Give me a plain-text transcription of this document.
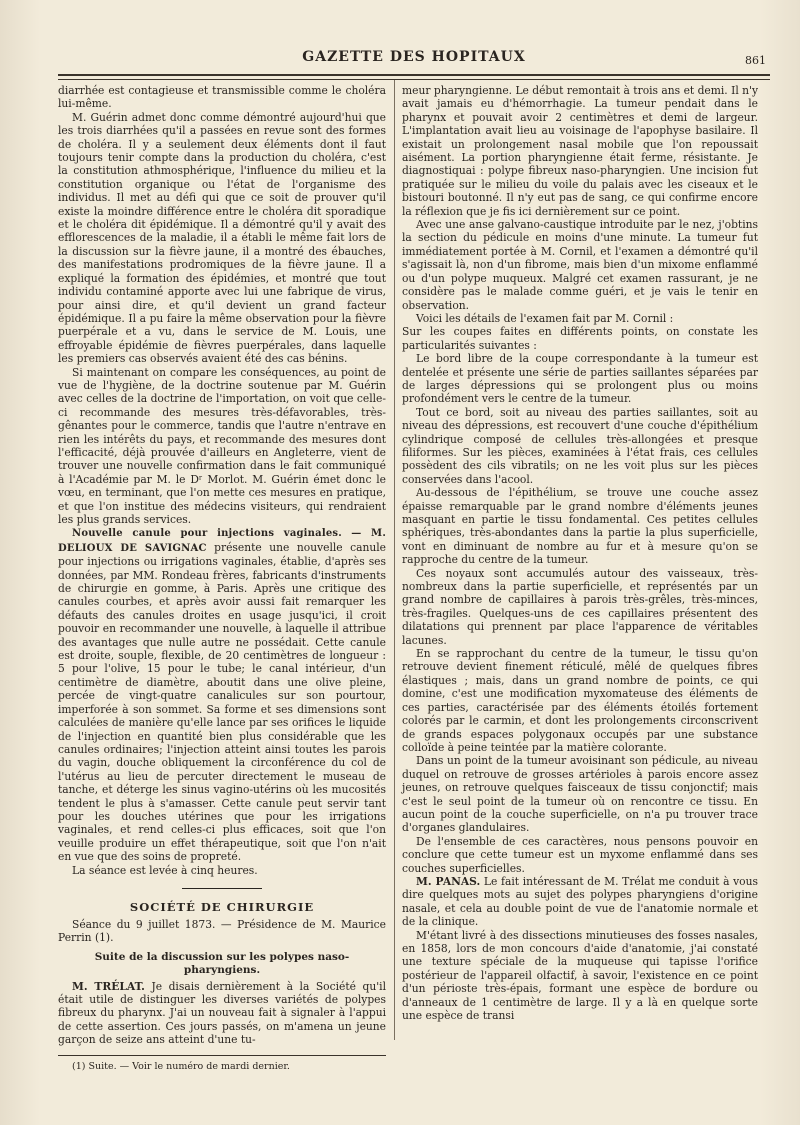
GAZETTE DES HOPITAUX	861

diarrhée est contagieuse et transmissible comme le choléra lui-même.

M. Guérin admet donc comme démontré aujourd'hui que les trois diarrhées qu'il a passées en revue sont des formes de choléra. Il y a seulement deux éléments dont il faut toujours tenir compte dans la production du choléra, c'est la constitution athmosphérique, l'influence du milieu et la constitution organique ou l'état de l'organisme des individus. Il met au défi qui que ce soit de prouver qu'il existe la moindre différence entre le choléra dit sporadique et le choléra dit épidémique. Il a démontré qu'il y avait des efflorescences de la maladie, il a établi le même fait lors de la discussion sur la fièvre jaune, il a montré des ébauches, des manifestations prodromiques de la fièvre jaune. Il a expliqué la formation des épidémies, et montré que tout individu contaminé apporte avec lui une fabrique de virus, pour ainsi dire, et qu'il devient un grand facteur épidémique. Il a pu faire la même observation pour la fièvre puerpérale et a vu, dans le service de M. Louis, une effroyable épidémie de fièvres puerpérales, dans laquelle les premiers cas observés avaient été des cas bénins.

Si maintenant on compare les conséquences, au point de vue de l'hygiène, de la doctrine soutenue par M. Guérin avec celles de la doctrine de l'importation, on voit que celle-ci recommande des mesures très-défavorables, très-gênantes pour le commerce, tandis que l'autre n'entrave en rien les intérêts du pays, et recommande des mesures dont l'efficacité, déjà prouvée d'ailleurs en Angleterre, vient de trouver une nouvelle confirmation dans le fait communiqué à l'Académie par M. le Dʳ Morlot. M. Guérin émet donc le vœu, en terminant, que l'on mette ces mesures en pratique, et que l'on institue des médecins visiteurs, qui rendraient les plus grands services.

Nouvelle canule pour injections vaginales. — M. DELIOUX DE SAVIGNAC présente une nouvelle canule pour injections ou irrigations vaginales, établie, d'après ses données, par MM. Rondeau frères, fabricants d'instruments de chirurgie en gomme, à Paris. Après une critique des canules courbes, et après avoir aussi fait remarquer les défauts des canules droites en usage jusqu'ici, il croit pouvoir en recommander une nouvelle, à laquelle il attribue des avantages que nulle autre ne possédait. Cette canule est droite, souple, flexible, de 20 centimètres de longueur : 5 pour l'olive, 15 pour le tube; le canal intérieur, d'un centimètre de diamètre, aboutit dans une olive pleine, percée de vingt-quatre canalicules sur son pourtour, imperforée à son sommet. Sa forme et ses dimensions sont calculées de manière qu'elle lance par ses orifices le liquide de l'injection en quantité bien plus considérable que les canules ordinaires; l'injection atteint ainsi toutes les parois du vagin, douche obliquement la circonférence du col de l'utérus au lieu de percuter directement le museau de tanche, et déterge les sinus vagino-utérins où les mucosités tendent le plus à s'amasser. Cette canule peut servir tant pour les douches utérines que pour les irrigations vaginales, et rend celles-ci plus efficaces, soit que l'on veuille produire un effet thérapeutique, soit que l'on n'ait en vue que des soins de propreté.

La séance est levée à cinq heures.

SOCIÉTÉ DE CHIRURGIE

Séance du 9 juillet 1873. — Présidence de M. Maurice Perrin (1).

Suite de la discussion sur les polypes naso-pharyngiens.

M. TRÉLAT. Je disais dernièrement à la Société qu'il était utile de distinguer les diverses variétés de polypes fibreux du pharynx. J'ai un nouveau fait à signaler à l'appui de cette assertion. Ces jours passés, on m'amena un jeune garçon de seize ans atteint d'une tu-

(1) Suite. — Voir le numéro de mardi dernier.

meur pharyngienne. Le début remontait à trois ans et demi. Il n'y avait jamais eu d'hémorrhagie. La tumeur pendait dans le pharynx et pouvait avoir 2 centimètres et demi de largeur. L'implantation avait lieu au voisinage de l'apophyse basilaire. Il existait un prolongement nasal mobile que l'on repoussait aisément. La portion pharyngienne était ferme, résistante. Je diagnostiquai : polype fibreux naso-pharyngien. Une incision fut pratiquée sur le milieu du voile du palais avec les ciseaux et le bistouri boutonné. Il n'y eut pas de sang, ce qui confirme encore la réflexion que je fis ici dernièrement sur ce point.

Avec une anse galvano-caustique introduite par le nez, j'obtins la section du pédicule en moins d'une minute. La tumeur fut immédiatement portée à M. Cornil, et l'examen a démontré qu'il s'agissait là, non d'un fibrome, mais bien d'un mixome enflammé ou d'un polype muqueux. Malgré cet examen rassurant, je ne considère pas le malade comme guéri, et je vais le tenir en observation.

Voici les détails de l'examen fait par M. Cornil :

Sur les coupes faites en différents points, on constate les particularités suivantes :

Le bord libre de la coupe correspondante à la tumeur est dentelée et présente une série de parties saillantes séparées par de larges dépressions qui se prolongent plus ou moins profondément vers le centre de la tumeur.

Tout ce bord, soit au niveau des parties saillantes, soit au niveau des dépressions, est recouvert d'une couche d'épithélium cylindrique composé de cellules très-allongées et presque filiformes. Sur les pièces, examinées à l'état frais, ces cellules possèdent des cils vibratils; on ne les voit plus sur les pièces conservées dans l'acool.

Au-dessous de l'épithélium, se trouve une couche assez épaisse remarquable par le grand nombre d'éléments jeunes masquant en partie le tissu fondamental. Ces petites cellules sphériques, très-abondantes dans la partie la plus superficielle, vont en diminuant de nombre au fur et à mesure qu'on se rapproche du centre de la tumeur.

Ces noyaux sont accumulés autour des vaisseaux, très-nombreux dans la partie superficielle, et représentés par un grand nombre de capillaires à parois très-grêles, très-minces, très-fragiles. Quelques-uns de ces capillaires présentent des dilatations qui prennent par place l'apparence de véritables lacunes.

En se rapprochant du centre de la tumeur, le tissu qu'on retrouve devient finement réticulé, mêlé de quelques fibres élastiques ; mais, dans un grand nombre de points, ce qui domine, c'est une modification myxomateuse des éléments de ces parties, caractérisée par des éléments étoilés fortement colorés par le carmin, et dont les prolongements circonscrivent de grands espaces polygonaux occupés par une substance colloïde à peine teintée par la matière colorante.

Dans un point de la tumeur avoisinant son pédicule, au niveau duquel on retrouve de grosses artérioles à parois encore assez jeunes, on retrouve quelques faisceaux de tissu conjonctif; mais c'est le seul point de la tumeur où on rencontre ce tissu. En aucun point de la couche superficielle, on n'a pu trouver trace d'organes glandulaires.

De l'ensemble de ces caractères, nous pensons pouvoir en conclure que cette tumeur est un myxome enflammé dans ses couches superficielles.

M. PANAS. Le fait intéressant de M. Trélat me conduit à vous dire quelques mots au sujet des polypes pharyngiens d'origine nasale, et cela au double point de vue de l'anatomie normale et de la clinique.

M'étant livré à des dissections minutieuses des fosses nasales, en 1858, lors de mon concours d'aide d'anatomie, j'ai constaté une texture spéciale de la muqueuse qui tapisse l'orifice postérieur de l'appareil olfactif, à savoir, l'existence en ce point d'un périoste très-épais, formant une espèce de bordure ou d'anneaux de 1 centimètre de large. Il y a là en quelque sorte une espèce de transi
